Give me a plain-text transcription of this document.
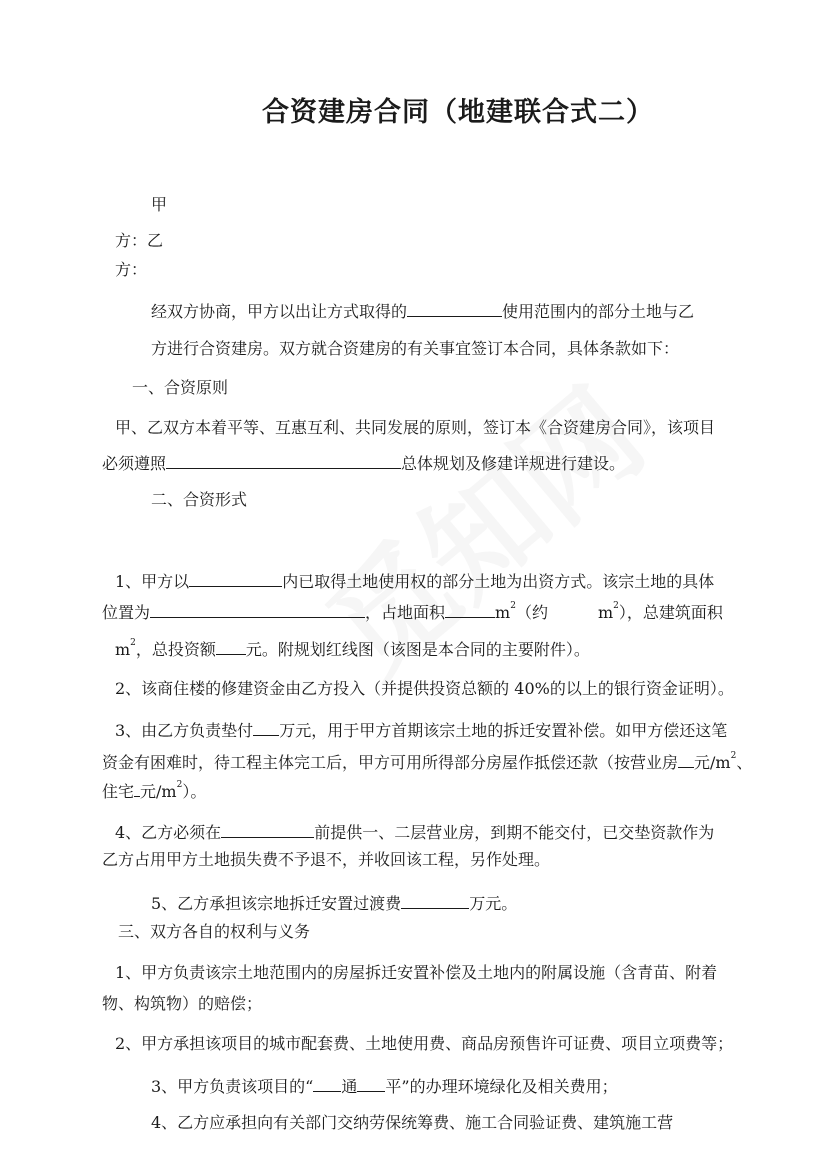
合资建房合同（地建联合式二）
甲
方：乙
方：
经双方协商，甲方以出让方式取得的	使用范围内的部分土地与乙
方进行合资建房。双方就合资建房的有关事宜签订本合同，具体条款如下：
一、合资原则
甲、乙双方本着平等、互惠互利、共同发展的原则，签订本《合资建房合同》，该项目
必须遵照	总体规划及修建详规进行建设。
二、合资形式
1、甲方以	内已取得土地使用权的部分土地为出资方式。该宗土地的具体
位置为	，占地面积	$m^2$（约	$m^2$），总建筑面积
$m^2$，总投资额 元。附规划红线图（该图是本合同的主要附件）。
2、该商住楼的修建资金由乙方投入（并提供投资总额的 40%的以上的银行资金证明）。
3、由乙方负责垫付 万元，用于甲方首期该宗土地的拆迁安置补偿。如甲方偿还这笔
资金有困难时，待工程主体完工后，甲方可用所得部分房屋作抵偿还款（按营业房 元$/m^2$、
住宅 元$/m^2$）。
4、乙方必须在	前提供一、二层营业房，到期不能交付，已交垫资款作为
乙方占用甲方土地损失费不予退不，并收回该工程，另作处理。
5、乙方承担该宗地拆迁安置过渡费	万元。
三、双方各自的权利与义务
1、甲方负责该宗土地范围内的房屋拆迁安置补偿及土地内的附属设施（含青苗、附着
物、构筑物）的赔偿；
2、甲方承担该项目的城市配套费、土地使用费、商品房预售许可证费、项目立项费等；
3、甲方负责该项目的“ 通 平”的办理环境绿化及相关费用；
4、乙方应承担向有关部门交纳劳保统筹费、施工合同验证费、建筑施工营
